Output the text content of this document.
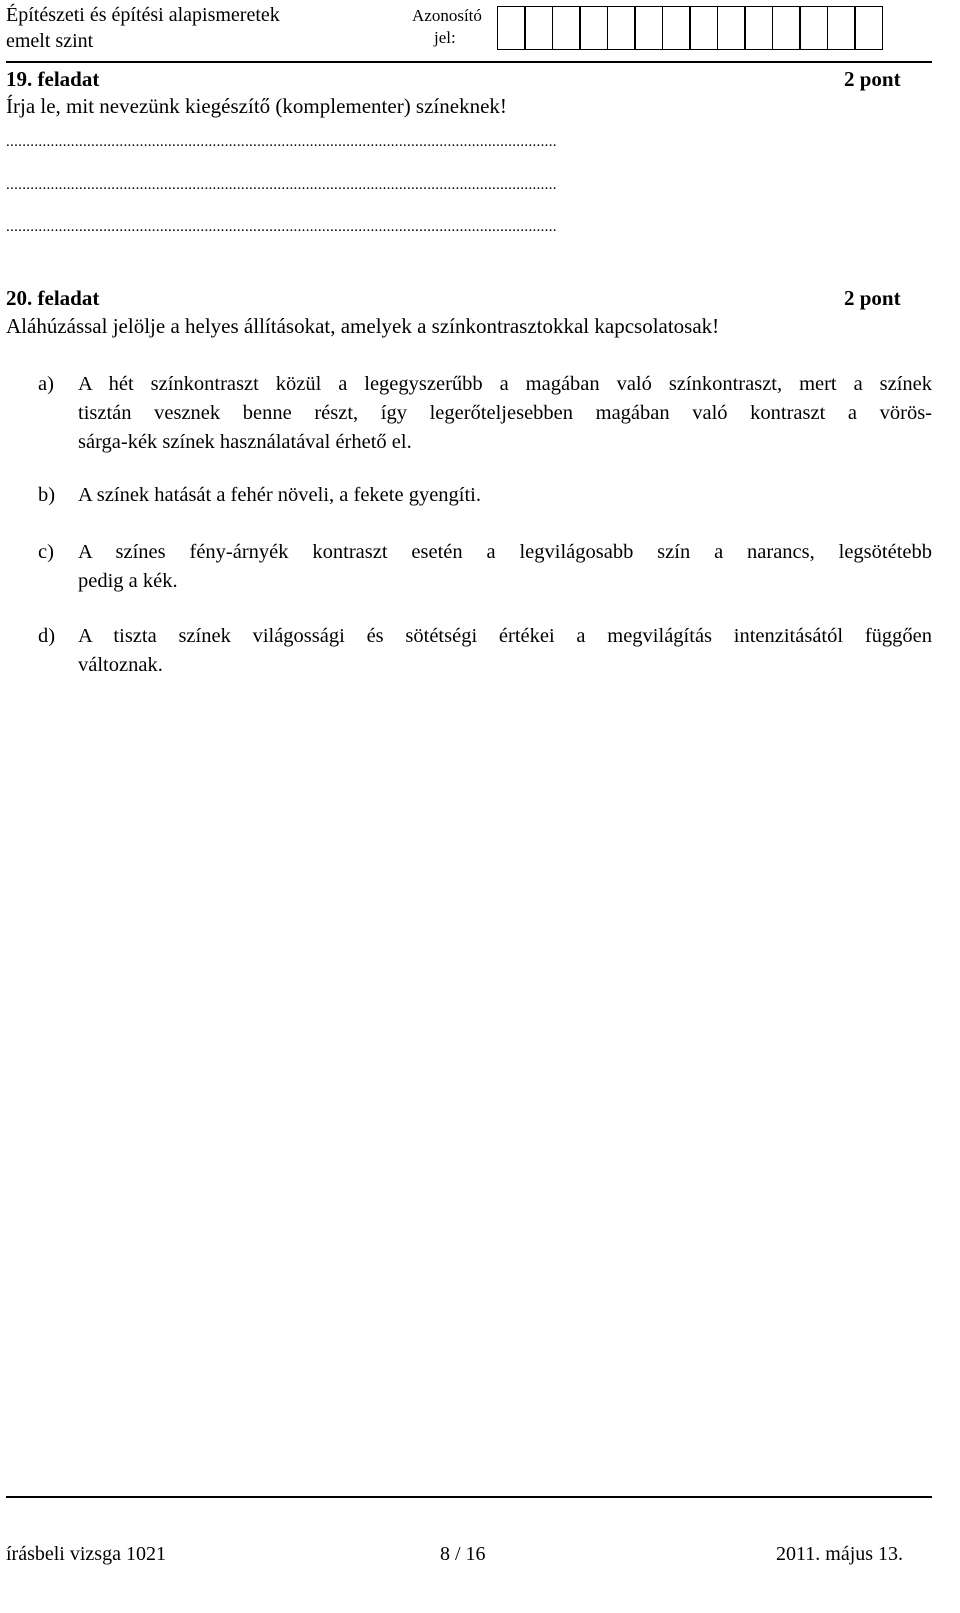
Építészeti és építési alapismeretek
emelt szint
Azonosító
jel:
19. feladat	2 pont
Írja le, mit nevezünk kiegészítő (komplementer) színeknek!
........................................................................................................................................
........................................................................................................................................
........................................................................................................................................
20. feladat	2 pont
Aláhúzással jelölje a helyes állításokat, amelyek a színkontrasztokkal kapcsolatosak!
a) A hét színkontraszt közül a legegyszerűbb a magában való színkontraszt, mert a színek
tisztán vesznek benne részt, így legerőteljesebben magában való kontraszt a vörös-
sárga-kék színek használatával érhető el.
b) A színek hatását a fehér növeli, a fekete gyengíti.
c) A színes fény-árnyék kontraszt esetén a legvilágosabb szín a narancs, legsötétebb
pedig a kék.
d) A tiszta színek világossági és sötétségi értékei a megvilágítás intenzitásától függően
változnak.
írásbeli vizsga 1021	8 / 16	2011. május 13.
